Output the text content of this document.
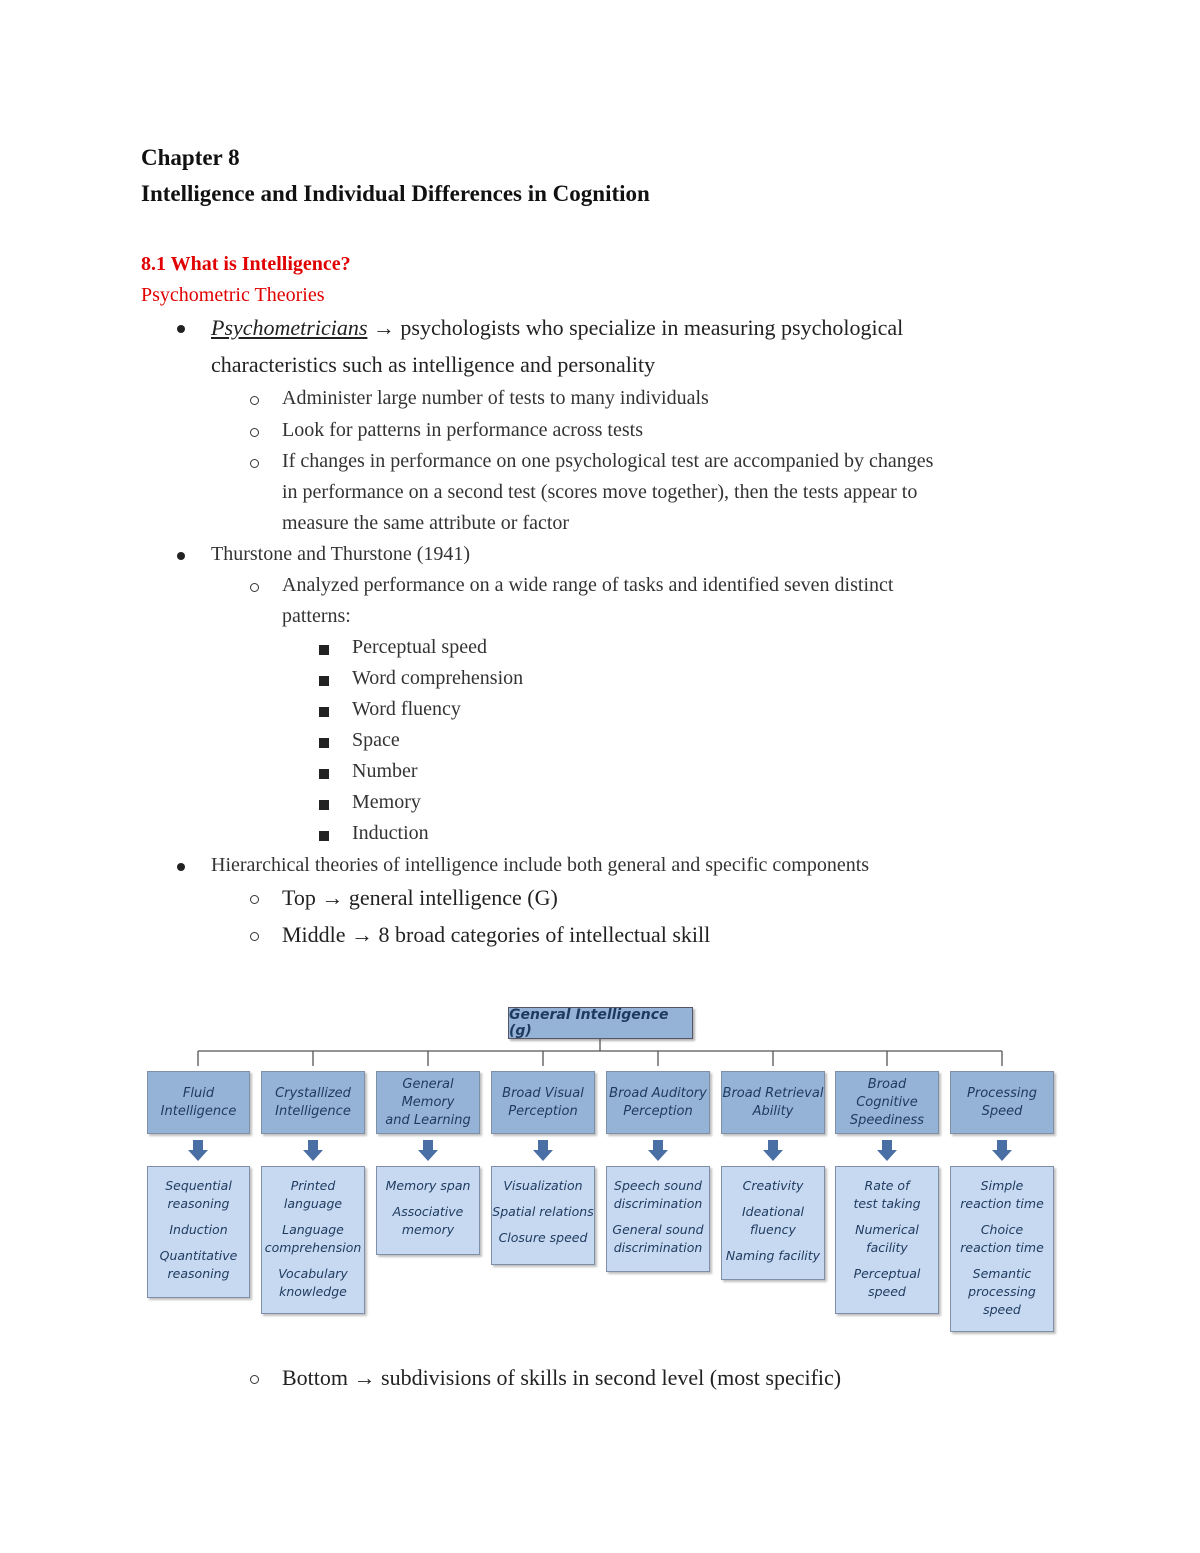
Chapter 8
Intelligence and Individual Differences in Cognition
8.1 What is Intelligence?
Psychometric Theories
Psychometricians → psychologists who specialize in measuring psychological
characteristics such as intelligence and personality
Administer large number of tests to many individuals
Look for patterns in performance across tests
If changes in performance on one psychological test are accompanied by changes
in performance on a second test (scores move together), then the tests appear to
measure the same attribute or factor
Thurstone and Thurstone (1941)
Analyzed performance on a wide range of tasks and identified seven distinct
patterns:
Perceptual speed
Word comprehension
Word fluency
Space
Number
Memory
Induction
Hierarchical theories of intelligence include both general and specific components
Top → general intelligence (G)
Middle → 8 broad categories of intellectual skill
General Intelligence (g)
Fluid
Intelligence
Crystallized
Intelligence
General
Memory
and Learning
Broad Visual
Perception
Broad Auditory
Perception
Broad Retrieval
Ability
Broad Cognitive
Speediness
Processing
Speed
Sequential
reasoning
Induction
Quantitative
reasoning
Printed
language
Language
comprehension
Vocabulary
knowledge
Memory span
Associative
memory
Visualization
Spatial relations
Closure speed
Speech sound
discrimination
General sound
discrimination
Creativity
Ideational
fluency
Naming facility
Rate of
test taking
Numerical
facility
Perceptual
speed
Simple
reaction time
Choice
reaction time
Semantic
processing
speed
Bottom → subdivisions of skills in second level (most specific)
